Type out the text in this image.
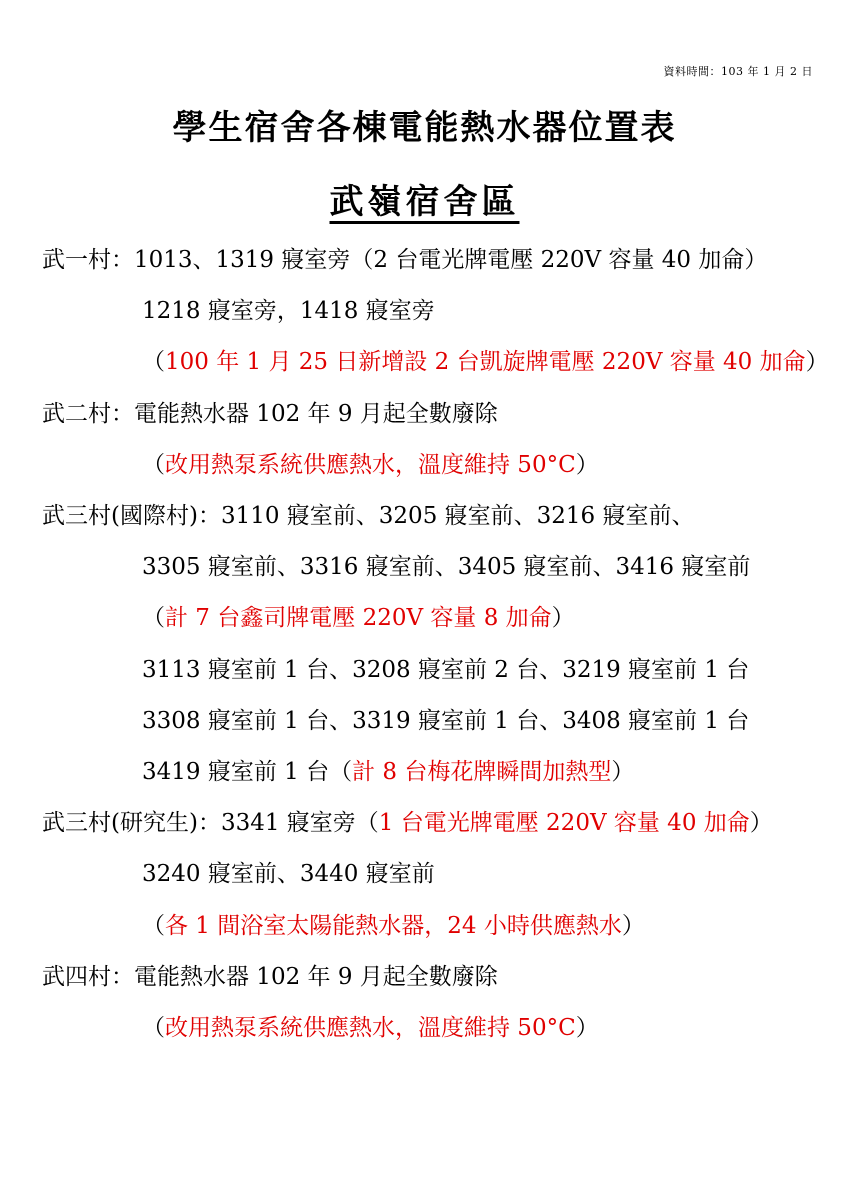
資料時間：103 年 1 月 2 日
學生宿舍各棟電能熱水器位置表
武嶺宿舍區
武一村：1013、1319 寢室旁（2 台電光牌電壓 220V 容量 40 加侖）
1218 寢室旁，1418 寢室旁
（100 年 1 月 25 日新增設 2 台凱旋牌電壓 220V 容量 40 加侖）
武二村：電能熱水器 102 年 9 月起全數廢除
（改用熱泵系統供應熱水，溫度維持 50°C）
武三村(國際村)：3110 寢室前、3205 寢室前、3216 寢室前、
3305 寢室前、3316 寢室前、3405 寢室前、3416 寢室前
（計 7 台鑫司牌電壓 220V 容量 8 加侖）
3113 寢室前 1 台、3208 寢室前 2 台、3219 寢室前 1 台
3308 寢室前 1 台、3319 寢室前 1 台、3408 寢室前 1 台
3419 寢室前 1 台（計 8 台梅花牌瞬間加熱型）
武三村(研究生)：3341 寢室旁（1 台電光牌電壓 220V 容量 40 加侖）
3240 寢室前、3440 寢室前
（各 1 間浴室太陽能熱水器，24 小時供應熱水）
武四村：電能熱水器 102 年 9 月起全數廢除
（改用熱泵系統供應熱水，溫度維持 50°C）
